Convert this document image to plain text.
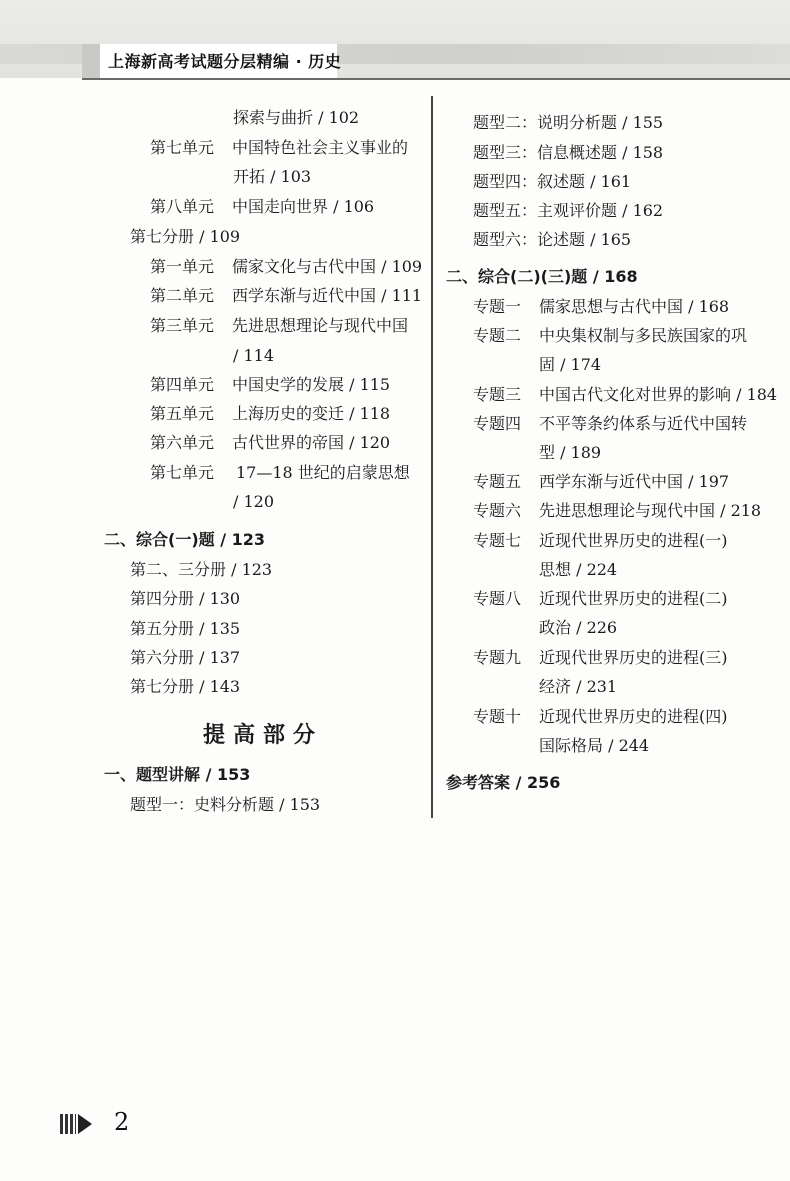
上海新高考试题分层精编 · 历史
探索与曲折 / 102
第七单元 中国特色社会主义事业的
开拓 / 103
第八单元 中国走向世界 / 106
第七分册 / 109
第一单元 儒家文化与古代中国 / 109
第二单元 西学东渐与近代中国 / 111
第三单元 先进思想理论与现代中国
/ 114
第四单元 中国史学的发展 / 115
第五单元 上海历史的变迁 / 118
第六单元 古代世界的帝国 / 120
第七单元 17—18 世纪的启蒙思想
/ 120
二、综合(一)题 / 123
第二、三分册 / 123
第四分册 / 130
第五分册 / 135
第六分册 / 137
第七分册 / 143
提高部分
一、题型讲解 / 153
题型一：史料分析题 / 153
题型二：说明分析题 / 155
题型三：信息概述题 / 158
题型四：叙述题 / 161
题型五：主观评价题 / 162
题型六：论述题 / 165
二、综合(二)(三)题 / 168
专题一 儒家思想与古代中国 / 168
专题二 中央集权制与多民族国家的巩
固 / 174
专题三 中国古代文化对世界的影响 / 184
专题四 不平等条约体系与近代中国转
型 / 189
专题五 西学东渐与近代中国 / 197
专题六 先进思想理论与现代中国 / 218
专题七 近现代世界历史的进程(一)
思想 / 224
专题八 近现代世界历史的进程(二)
政治 / 226
专题九 近现代世界历史的进程(三)
经济 / 231
专题十 近现代世界历史的进程(四)
国际格局 / 244
参考答案 / 256
2
